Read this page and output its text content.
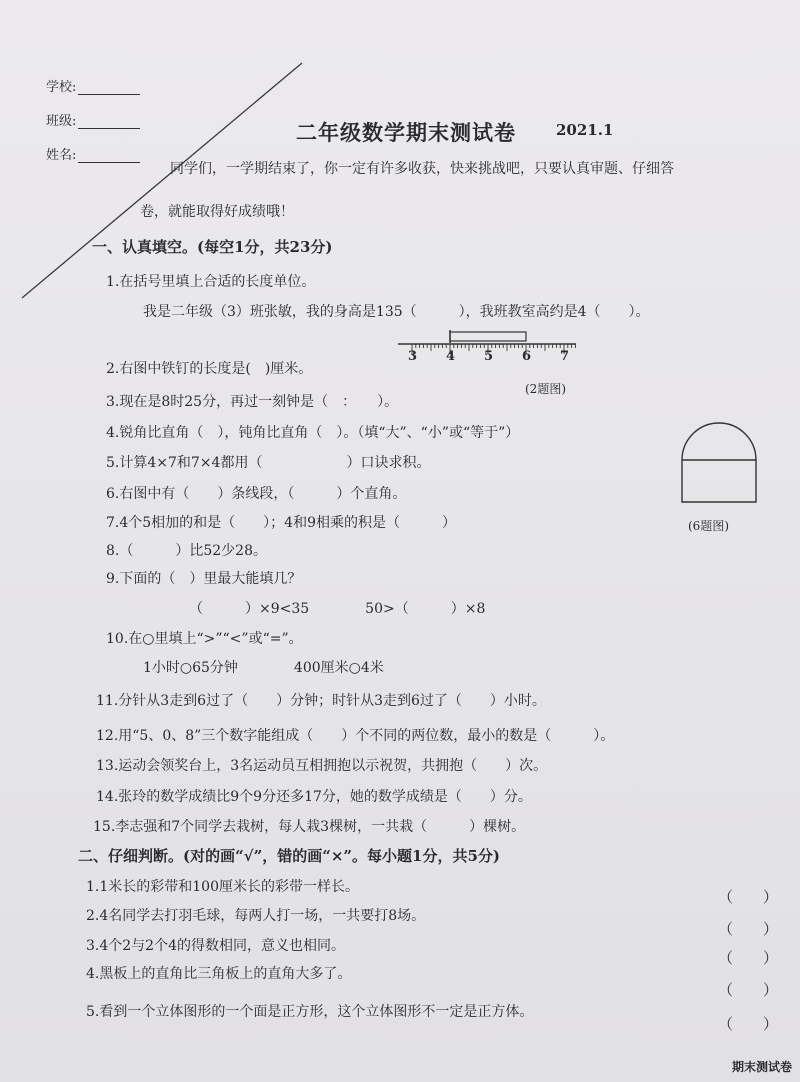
学校:
班级:
姓名:
二年级数学期末测试卷	2021.1
同学们，一学期结束了，你一定有许多收获，快来挑战吧，只要认真审题、仔细答
卷，就能取得好成绩哦！
一、认真填空。(每空1分，共23分)
1.在括号里填上合适的长度单位。
我是二年级（3）班张敏，我的身高是135（　　　），我班教室高约是4（　　）。
2.右图中铁钉的长度是(　)厘米。
3.现在是8时25分，再过一刻钟是（　：　　）。
4.锐角比直角（　），钝角比直角（　）。（填“大”、“小”或“等于”）
5.计算4×7和7×4都用（　　　　　　）口诀求积。
6.右图中有（　　）条线段，（　　　）个直角。
7.4个5相加的和是（　　）；4和9相乘的积是（　　　）
8.（　　　）比52少28。
9.下面的（　）里最大能填几？
（　　　）×9<35　　　　50>（　　　）×8
10.在○里填上“>”“<”或“=”。
1小时○65分钟　　　　400厘米○4米
11.分针从3走到6过了（　　）分钟；时针从3走到6过了（　　）小时。
12.用“5、0、8”三个数字能组成（　　）个不同的两位数，最小的数是（　　　）。
13.运动会领奖台上，3名运动员互相拥抱以示祝贺，共拥抱（　　）次。
14.张玲的数学成绩比9个9分还多17分，她的数学成绩是（　　）分。
15.李志强和7个同学去栽树，每人栽3棵树，一共栽（　　　）棵树。
3 4 5 6 7
(2题图)
(6题图)
二、仔细判断。(对的画“√”，错的画“×”。每小题1分，共5分)
1.1米长的彩带和100厘米长的彩带一样长。
（　　）
2.4名同学去打羽毛球，每两人打一场，一共要打8场。
（　　）
3.4个2与2个4的得数相同，意义也相同。
（　　）
4.黑板上的直角比三角板上的直角大多了。
（　　）
5.看到一个立体图形的一个面是正方形，这个立体图形不一定是正方体。
（　　）
期末测试卷
